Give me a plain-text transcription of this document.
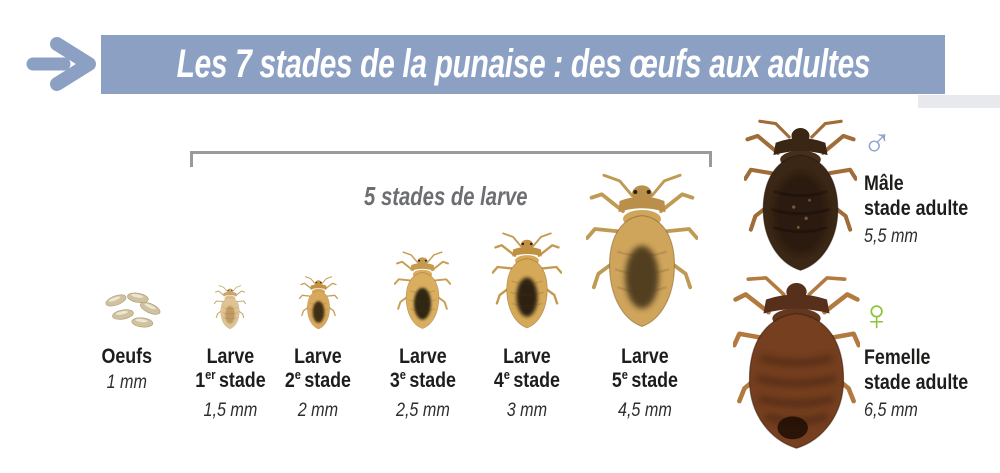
Les 7 stades de la punaise : des œufs aux adultes
5 stades de larve
Oeufs
1 mm
Larve
1er stade
1,5 mm
Larve
2e stade
2 mm
Larve
3e stade
2,5 mm
Larve
4e stade
3 mm
Larve
5e stade
4,5 mm
♂
Mâle
stade adulte
5,5 mm
♀
Femelle
stade adulte
6,5 mm
